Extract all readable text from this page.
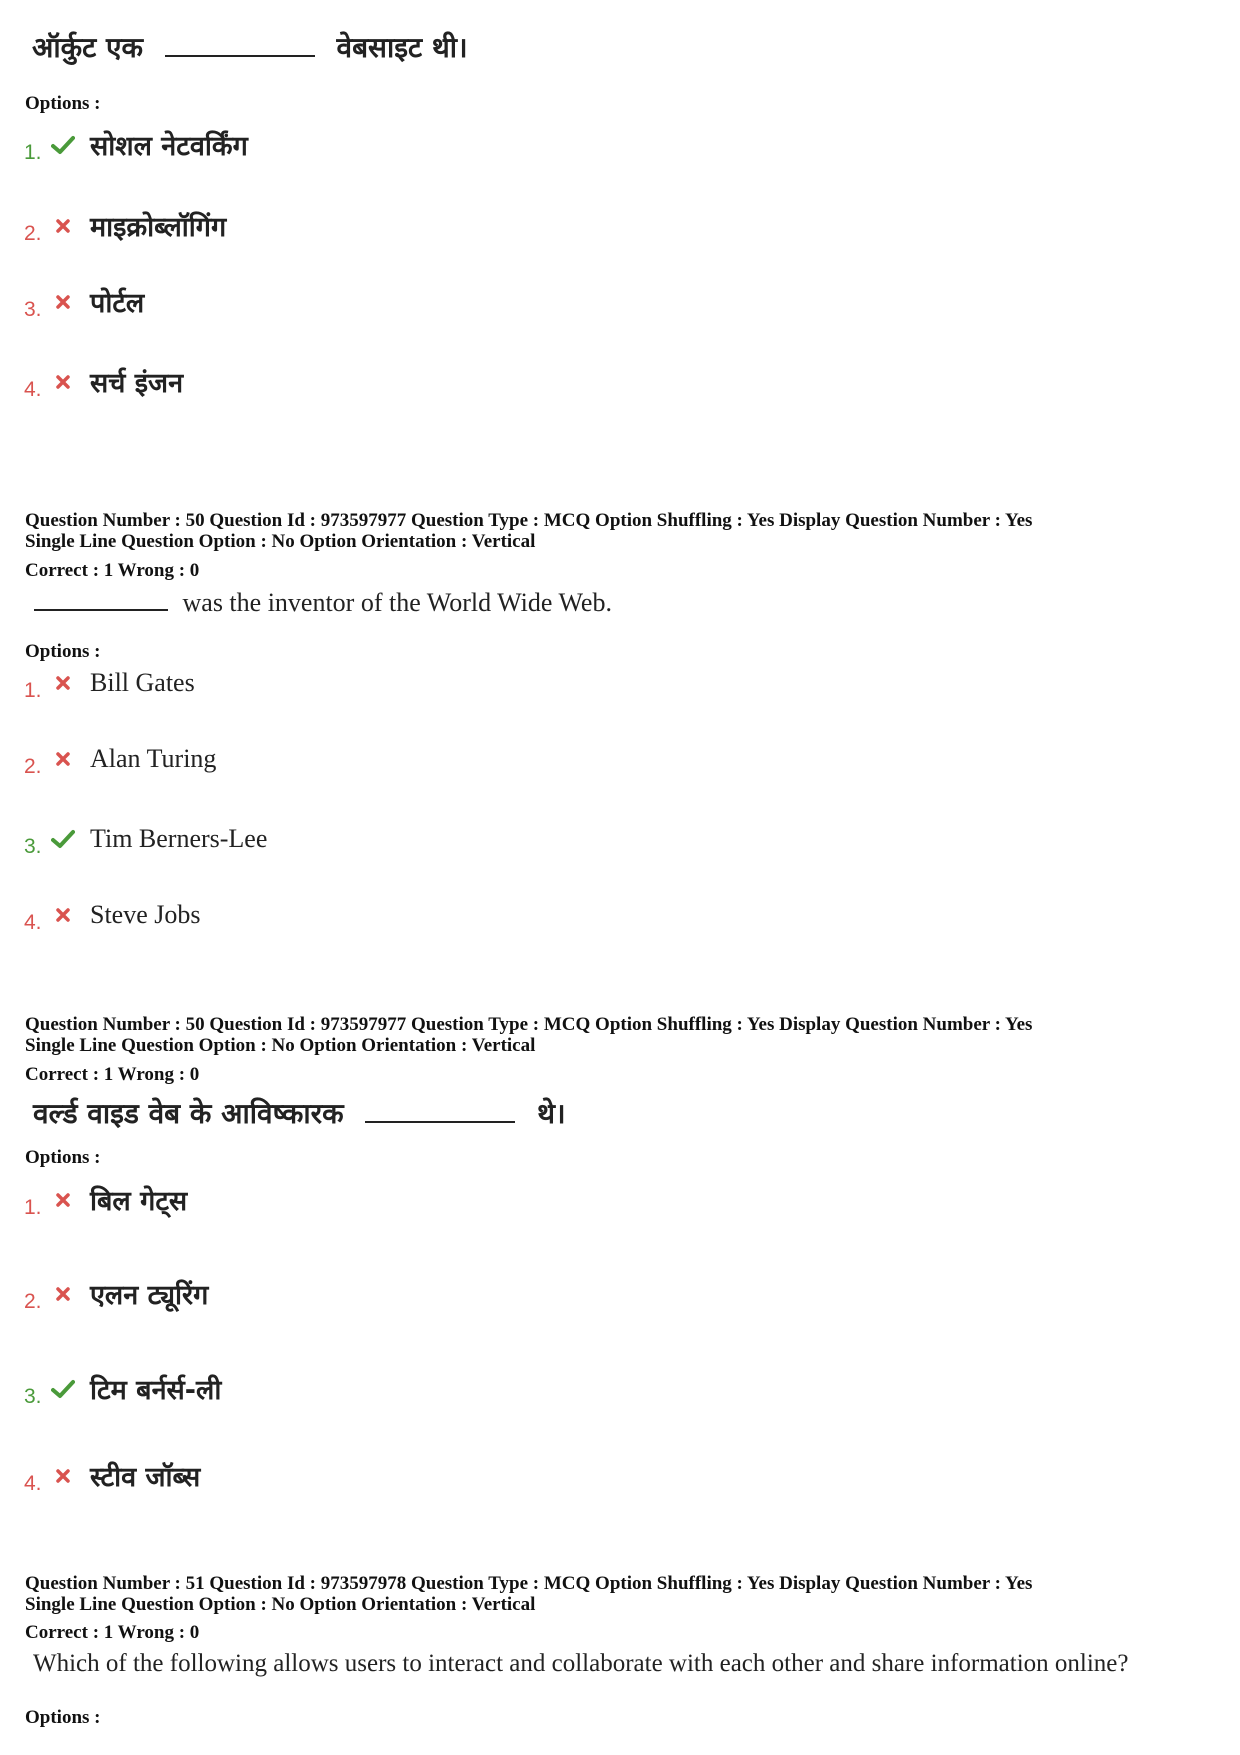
ऑर्कुट एक	वेबसाइट थी।
Options :
1.	सोशल नेटवर्किंग
2.	माइक्रोब्लॉगिंग
3.	पोर्टल
4.	सर्च इंजन
Question Number : 50 Question Id : 973597977 Question Type : MCQ Option Shuffling : Yes Display Question Number : Yes
Single Line Question Option : No Option Orientation : Vertical
Correct : 1 Wrong : 0
was the inventor of the World Wide Web.
Options :
1.	Bill Gates
2.	Alan Turing
3.	Tim Berners-Lee
4.	Steve Jobs
Question Number : 50 Question Id : 973597977 Question Type : MCQ Option Shuffling : Yes Display Question Number : Yes
Single Line Question Option : No Option Orientation : Vertical
Correct : 1 Wrong : 0
वर्ल्ड वाइड वेब के आविष्कारक	थे।
Options :
1.	बिल गेट्स
2.	एलन ट्यूरिंग
3.	टिम बर्नर्स-ली
4.	स्टीव जॉब्स
Question Number : 51 Question Id : 973597978 Question Type : MCQ Option Shuffling : Yes Display Question Number : Yes
Single Line Question Option : No Option Orientation : Vertical
Correct : 1 Wrong : 0
Which of the following allows users to interact and collaborate with each other and share information online?
Options :
